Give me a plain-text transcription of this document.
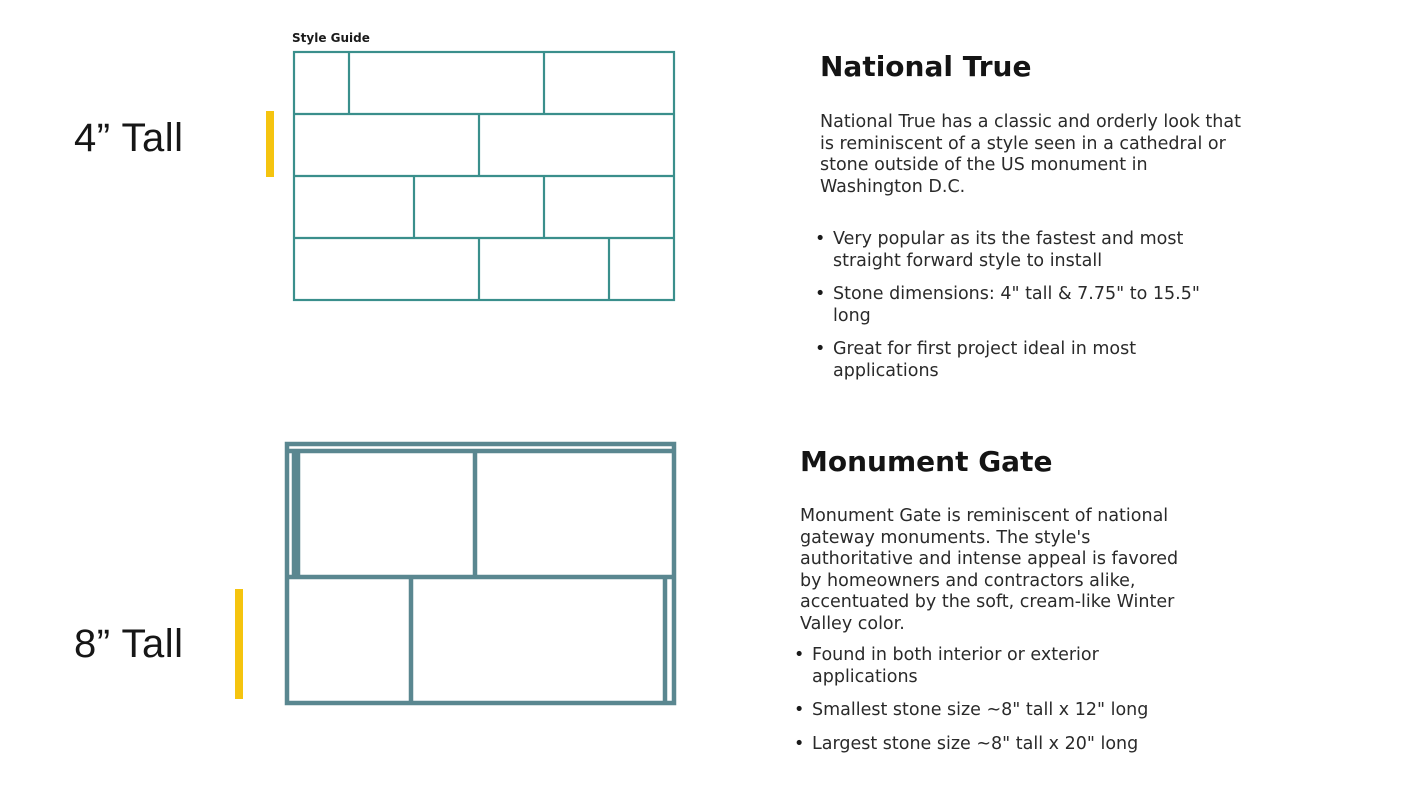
4” Tall
8” Tall
Style Guide
National True

National True has a classic and orderly look that is reminiscent of a style seen in a cathedral or stone outside of the US monument in Washington D.C.

• Very popular as its the fastest and most straight forward style to install
• Stone dimensions: 4" tall & 7.75" to 15.5" long
• Great for first project ideal in most applications
Monument Gate

Monument Gate is reminiscent of national gateway monuments. The style's authoritative and intense appeal is favored by homeowners and contractors alike, accentuated by the soft, cream-like Winter Valley color.

• Found in both interior or exterior applications
• Smallest stone size ~8" tall x 12" long
• Largest stone size ~8" tall x 20" long
